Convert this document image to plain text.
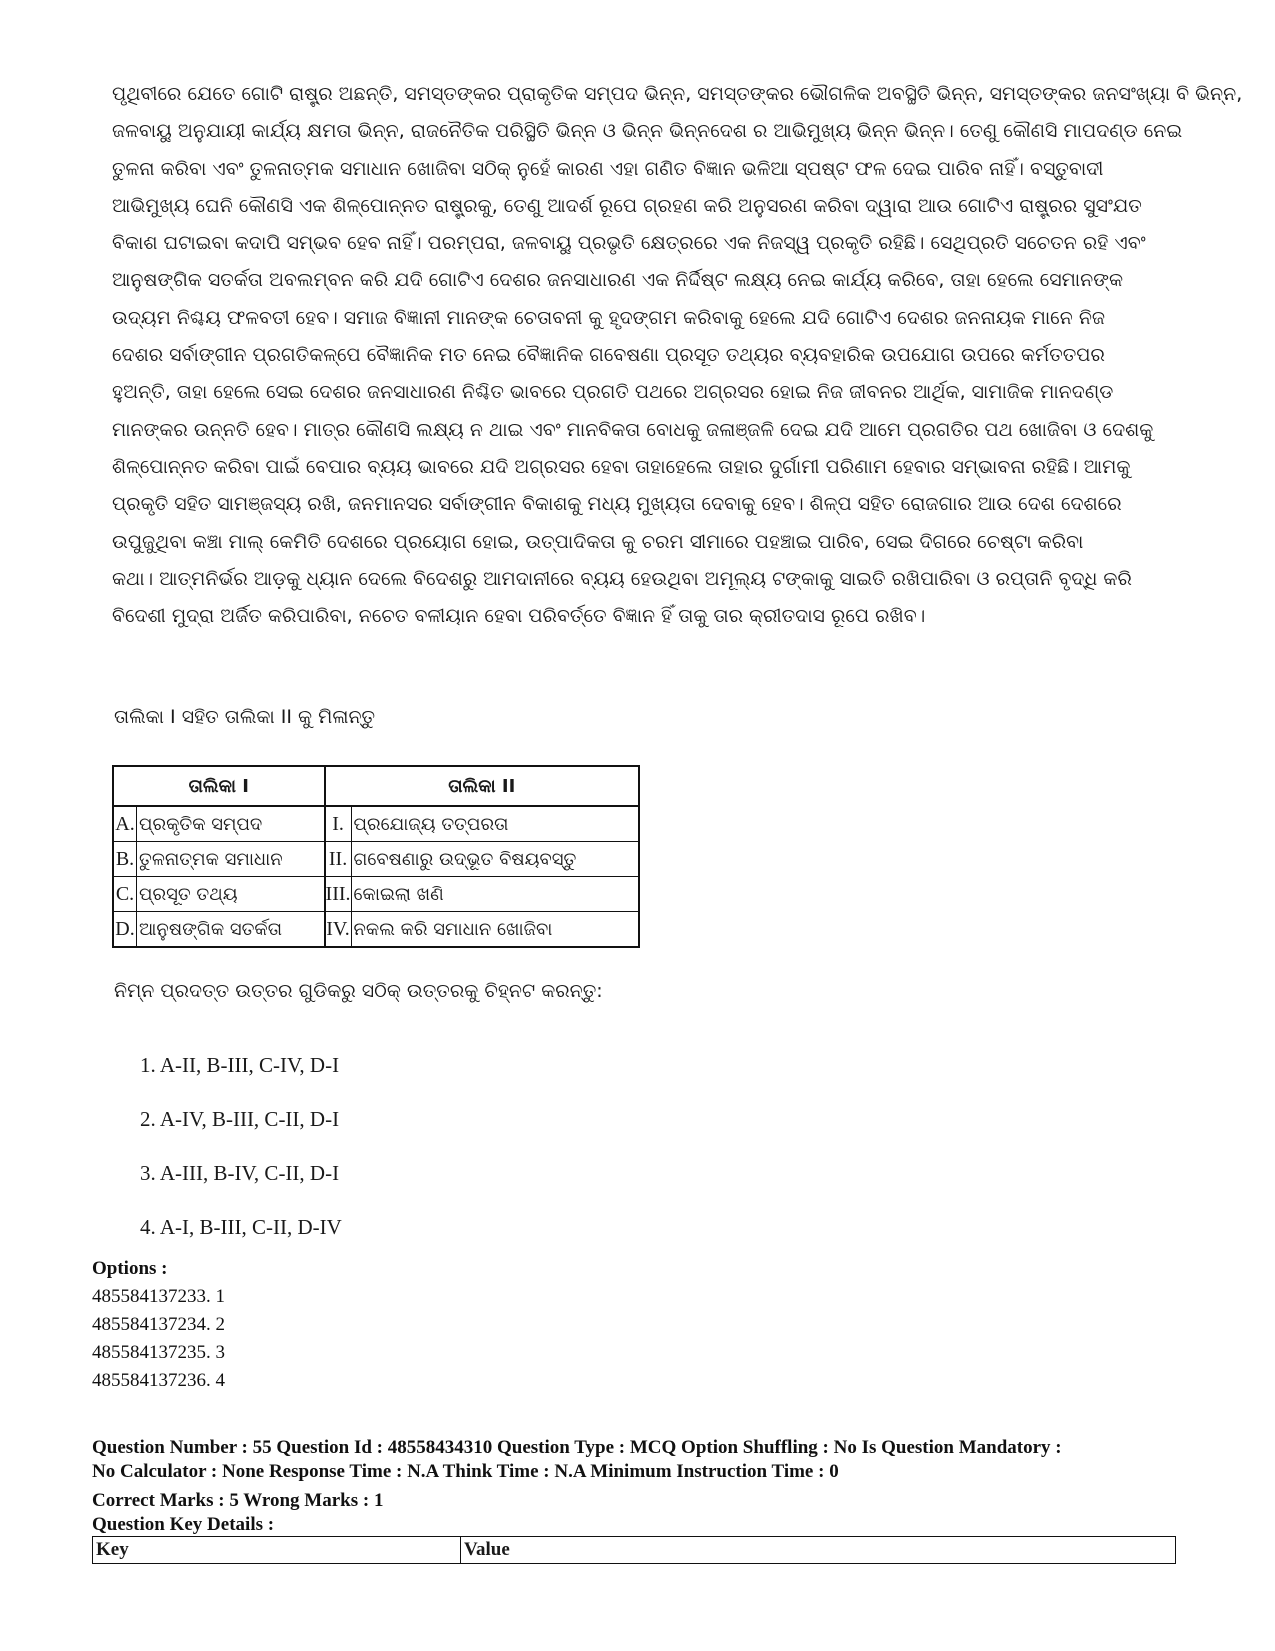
ପୃଥିବୀରେ ଯେତେ ଗୋଟି ରାଷ୍ଟ୍ର ଅଛନ୍ତି, ସମସ୍ତଙ୍କର ପ୍ରାକୃତିକ ସମ୍ପଦ ଭିନ୍ନ, ସମସ୍ତଙ୍କର ଭୌଗଳିକ ଅବସ୍ଥିତି ଭିନ୍ନ, ସମସ୍ତଙ୍କର ଜନସଂଖ୍ୟା ବି ଭିନ୍ନ,
ଜଳବାୟୁ ଅନୁଯାୟୀ କାର୍ଯ୍ୟ କ୍ଷମତା ଭିନ୍ନ, ରାଜନୈତିକ ପରିସ୍ଥିତି ଭିନ୍ନ ଓ ଭିନ୍ନ ଭିନ୍ନଦେଶ ର ଆଭିମୁଖ୍ୟ ଭିନ୍ନ ଭିନ୍ନ। ତେଣୁ କୌଣସି ମାପଦଣ୍ଡ ନେଇ
ତୁଳନା କରିବା ଏବଂ ତୁଳନାତ୍ମକ ସମାଧାନ ଖୋଜିବା ସଠିକ୍ ନୁହେଁ କାରଣ ଏହା ଗଣିତ ବିଜ୍ଞାନ ଭଳିଆ ସ୍ପଷ୍ଟ ଫଳ ଦେଇ ପାରିବ ନାହିଁ। ବସ୍ତୁବାଦୀ
ଆଭିମୁଖ୍ୟ ଘେନି କୌଣସି ଏକ ଶିଳ୍ପୋନ୍ନତ ରାଷ୍ଟ୍ରକୁ, ତେଣୁ ଆଦର୍ଶ ରୂପେ ଗ୍ରହଣ କରି ଅନୁସରଣ କରିବା ଦ୍ୱାରା ଆଉ ଗୋଟିଏ ରାଷ୍ଟ୍ରର ସୁସଂଯତ
ବିକାଶ ଘଟାଇବା କଦାପି ସମ୍ଭବ ହେବ ନାହିଁ। ପରମ୍ପରା, ଜଳବାୟୁ ପ୍ରଭୃତି କ୍ଷେତ୍ରରେ ଏକ ନିଜସ୍ୱ ପ୍ରକୃତି ରହିଛି। ସେଥିପ୍ରତି ସଚେତନ ରହି ଏବଂ
ଆନୁଷଙ୍ଗିକ ସତର୍କତା ଅବଲମ୍ବନ କରି ଯଦି ଗୋଟିଏ ଦେଶର ଜନସାଧାରଣ ଏକ ନିର୍ଦ୍ଦିଷ୍ଟ ଲକ୍ଷ୍ୟ ନେଇ କାର୍ଯ୍ୟ କରିବେ, ତାହା ହେଲେ ସେମାନଙ୍କ
ଉଦ୍ୟମ ନିଶ୍ଚୟ ଫଳବତୀ ହେବ। ସମାଜ ବିଜ୍ଞାନୀ ମାନଙ୍କ ଚେତାବନୀ କୁ ହୃଦଙ୍ଗମ କରିବାକୁ ହେଲେ ଯଦି ଗୋଟିଏ ଦେଶର ଜନନାୟକ ମାନେ ନିଜ
ଦେଶର ସର୍ବାଙ୍ଗୀନ ପ୍ରଗତିକଳ୍ପେ ବୈଜ୍ଞାନିକ ମତ ନେଇ ବୈଜ୍ଞାନିକ ଗବେଷଣା ପ୍ରସୂତ ତଥ୍ୟର ବ୍ୟବହାରିକ ଉପଯୋଗ ଉପରେ କର୍ମତତପର
ହୁଅନ୍ତି, ତାହା ହେଲେ ସେଇ ଦେଶର ଜନସାଧାରଣ ନିଶ୍ଚିତ ଭାବରେ ପ୍ରଗତି ପଥରେ ଅଗ୍ରସର ହୋଇ ନିଜ ଜୀବନର ଆର୍ଥିକ, ସାମାଜିକ ମାନଦଣ୍ଡ
ମାନଙ୍କର ଉନ୍ନତି ହେବ। ମାତ୍ର କୌଣସି ଲକ୍ଷ୍ୟ ନ ଥାଇ ଏବଂ ମାନବିକତା ବୋଧକୁ ଜଳାଞ୍ଜଳି ଦେଇ ଯଦି ଆମେ ପ୍ରଗତିର ପଥ ଖୋଜିବା ଓ ଦେଶକୁ
ଶିଳ୍ପୋନ୍ନତ କରିବା ପାଇଁ ବେପାର ବ୍ୟୟ ଭାବରେ ଯଦି ଅଗ୍ରସର ହେବା ତାହାହେଲେ ତାହାର ଦୁର୍ଗାମୀ ପରିଣାମ ହେବାର ସମ୍ଭାବନା ରହିଛି। ଆମକୁ
ପ୍ରକୃତି ସହିତ ସାମଞ୍ଜସ୍ୟ ରଖି, ଜନମାନସର ସର୍ବାଙ୍ଗୀନ ବିକାଶକୁ ମଧ୍ୟ ମୁଖ୍ୟତା ଦେବାକୁ ହେବ। ଶିଳ୍ପ ସହିତ ରୋଜଗାର ଆଉ ଦେଶ ଦେଶରେ
ଉପୁଜୁଥିବା କଞ୍ଚା ମାଲ୍ କେମିତି ଦେଶରେ ପ୍ରୟୋଗ ହୋଇ, ଉତ୍ପାଦିକତା କୁ ଚରମ ସୀମାରେ ପହଞ୍ଚାଇ ପାରିବ, ସେଇ ଦିଗରେ ଚେଷ୍ଟା କରିବା
କଥା। ଆତ୍ମନିର୍ଭର ଆଡ଼କୁ ଧ୍ୟାନ ଦେଲେ ବିଦେଶରୁ ଆମଦାନୀରେ ବ୍ୟୟ ହେଉଥିବା ଅମୂଲ୍ୟ ଟଙ୍କାକୁ ସାଇତି ରଖିପାରିବା ଓ ରପ୍ତାନି ବୃଦ୍ଧି କରି
ବିଦେଶୀ ମୁଦ୍ରା ଅର୍ଜିତ କରିପାରିବା, ନଚେତ ବଳୀୟାନ ହେବା ପରିବର୍ତ୍ତେ ବିଜ୍ଞାନ ହିଁ ତାକୁ ତାର କ୍ରୀତଦାସ ରୂପେ ରଖିବ।

ତାଲିକା I ସହିତ ତାଲିକା II କୁ ମିଳାନ୍ତୁ

ତାଲିକା I		ତାଲିକା II	
A.	ପ୍ରକୃତିକ ସମ୍ପଦ	I.	ପ୍ରଯୋଜ୍ୟ ତତ୍ପରତା
B.	ତୁଳନାତ୍ମକ ସମାଧାନ	II.	ଗବେଷଣାରୁ ଉଦ୍ଭୂତ ବିଷୟବସ୍ତୁ
C.	ପ୍ରସୂତ ତଥ୍ୟ	III.	କୋଇଲା ଖଣି
D.	ଆନୁଷଙ୍ଗିକ ସତର୍କତା	IV.	ନକଲ କରି ସମାଧାନ ଖୋଜିବା

ନିମ୍ନ ପ୍ରଦତ୍ତ ଉତ୍ତର ଗୁଡିକରୁ ସଠିକ୍ ଉତ୍ତରକୁ ଚିହ୍ନଟ କରନ୍ତୁ:

1. A-II, B-III, C-IV, D-I

2. A-IV, B-III, C-II, D-I

3. A-III, B-IV, C-II, D-I

4. A-I, B-III, C-II, D-IV

Options :

485584137233. 1

485584137234. 2

485584137235. 3

485584137236. 4

Question Number : 55 Question Id : 48558434310 Question Type : MCQ Option Shuffling : No Is Question Mandatory :

No Calculator : None Response Time : N.A Think Time : N.A Minimum Instruction Time : 0

Correct Marks : 5 Wrong Marks : 1

Question Key Details :

Key	Value
